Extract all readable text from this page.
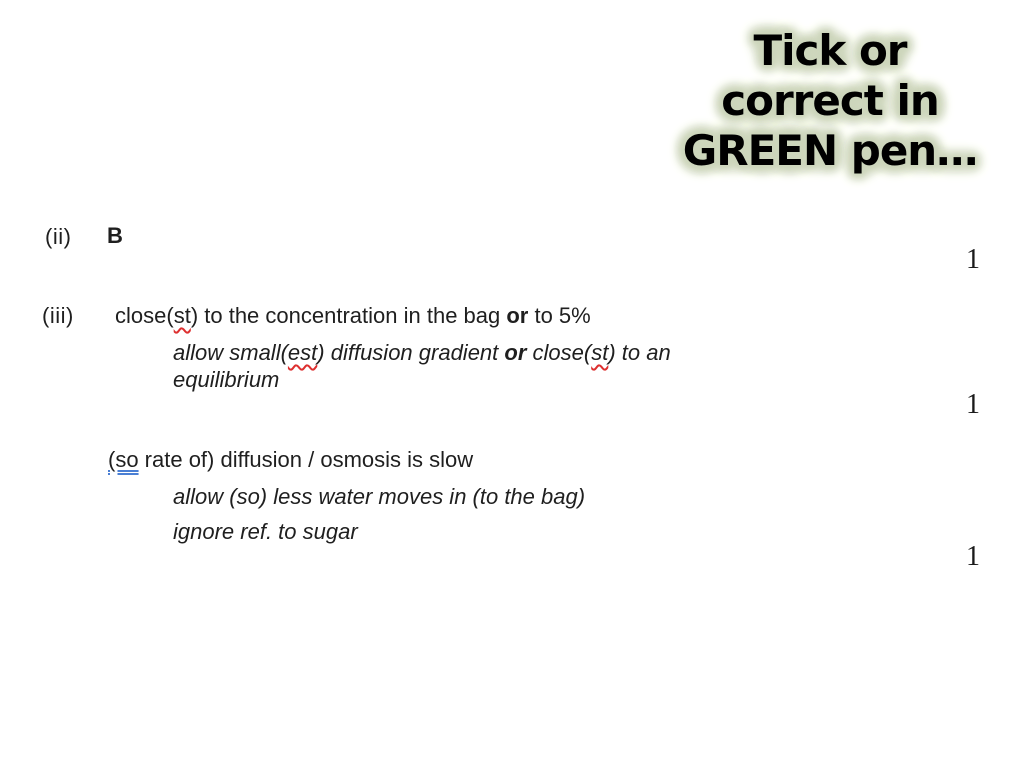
Tick or
correct in
GREEN pen…
(ii) B
1
(iii) close(st) to the concentration in the bag or to 5%
allow small(est) diffusion gradient or close(st) to an
equilibrium
1
(so rate of) diffusion / osmosis is slow
allow (so) less water moves in (to the bag)
ignore ref. to sugar
1
